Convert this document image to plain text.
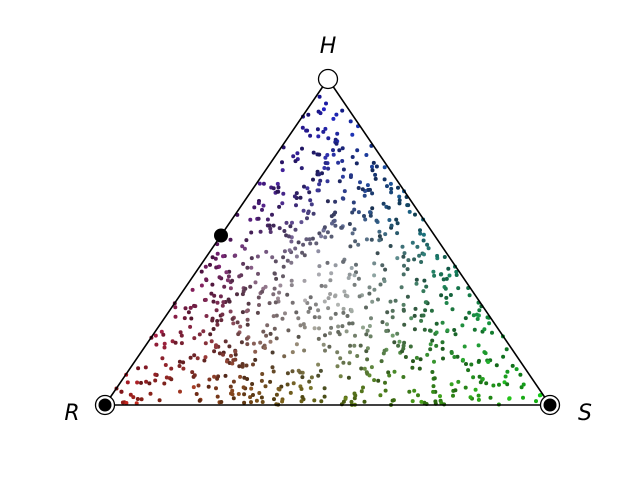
H
R	S
